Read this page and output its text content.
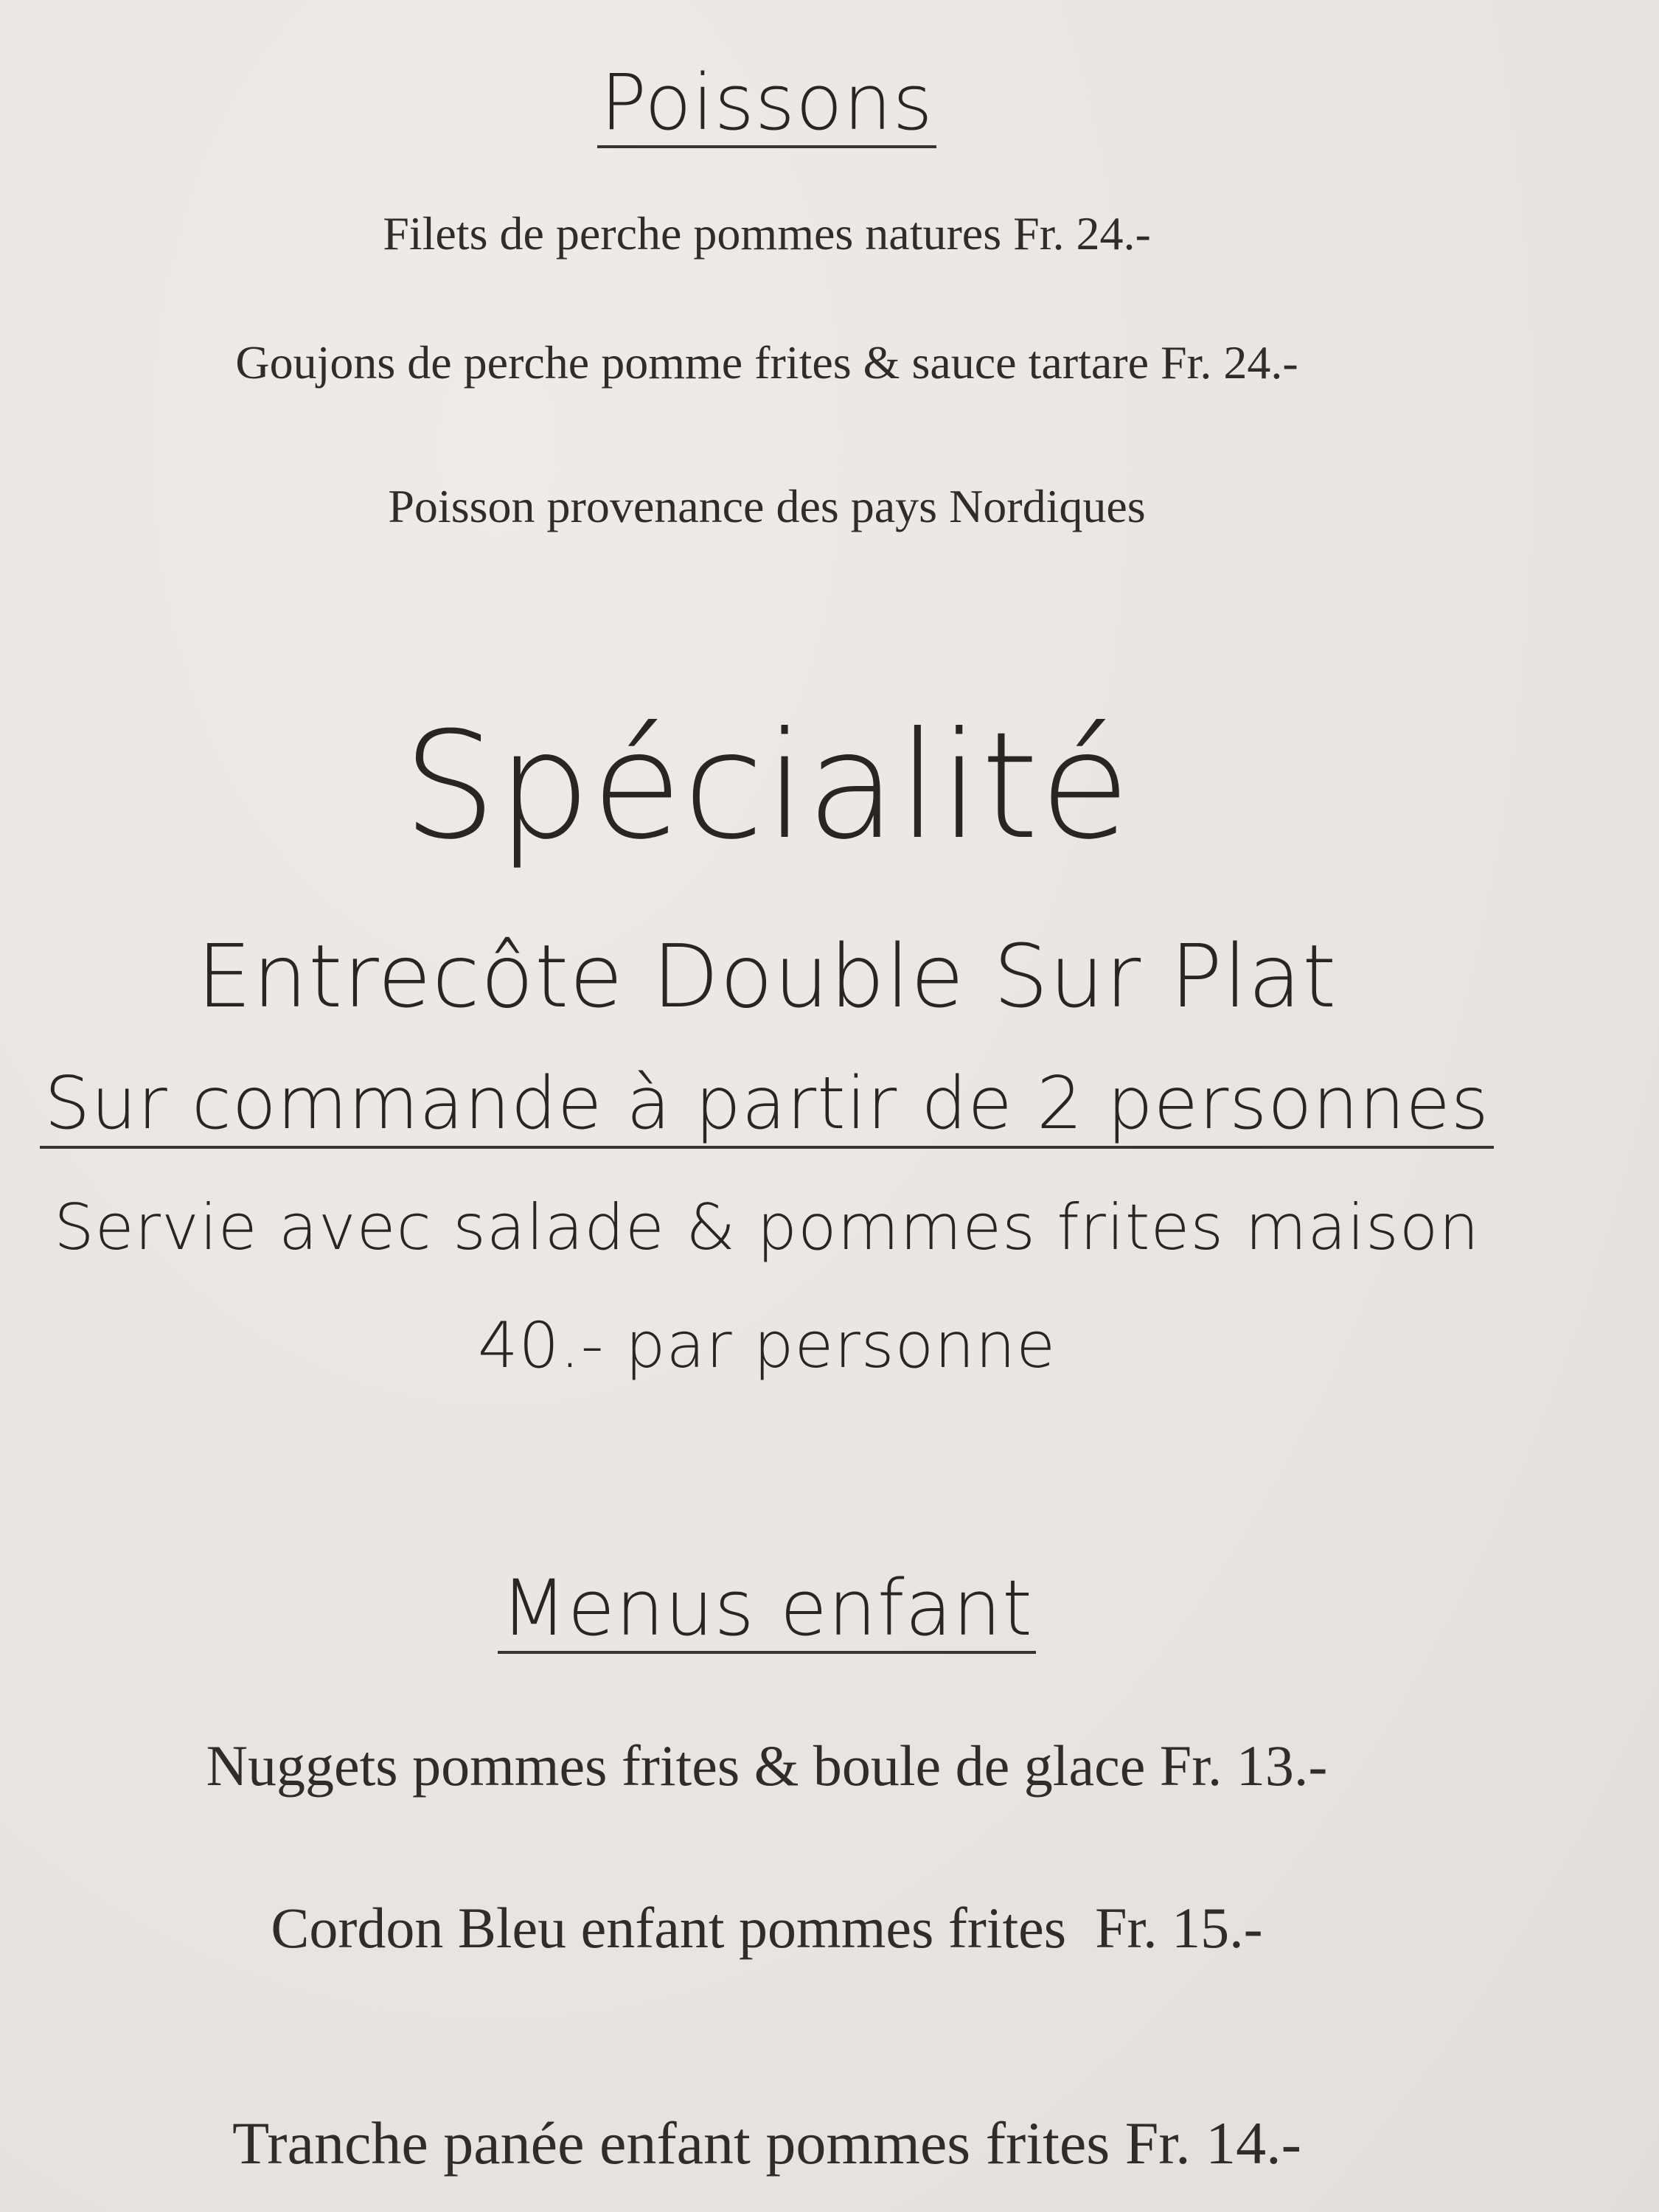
Poissons
Filets de perche pommes natures Fr. 24.-
Goujons de perche pomme frites & sauce tartare Fr. 24.-
Poisson provenance des pays Nordiques
Spécialité
Entrecôte Double Sur Plat
Sur commande à partir de 2 personnes
Servie avec salade & pommes frites maison
40.- par personne
Menus enfant
Nuggets pommes frites & boule de glace Fr. 13.-
Cordon Bleu enfant pommes frites  Fr. 15.-
Tranche panée enfant pommes frites Fr. 14.-
